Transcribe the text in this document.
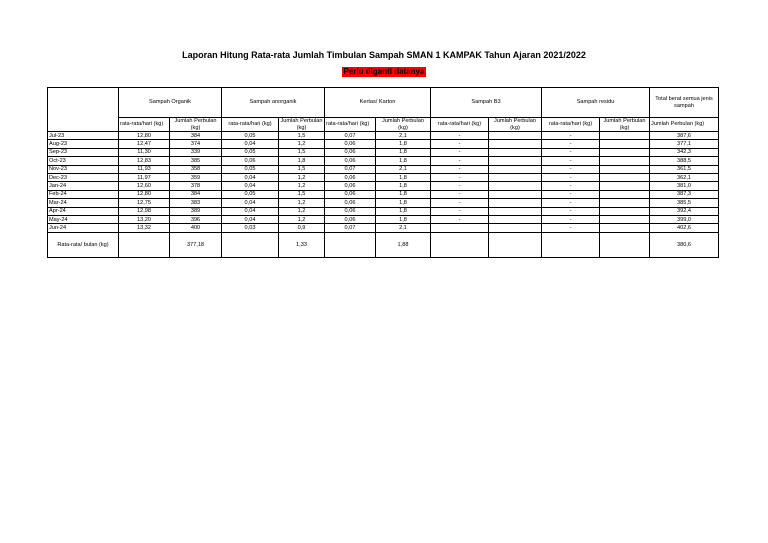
Laporan Hitung Rata-rata Jumlah Timbulan Sampah SMAN 1 KAMPAK Tahun Ajaran 2021/2022
Perlu diganti datanya
	Sampah Organik		Sampah anorganik		Kertas/ Karton		Sampah B3		Sampah residu		Total berat semua jenis sampah
	rata-rata/hari (kg)	Jumlah Perbulan (kg)	rata-rata/hari (kg)	Jumlah Perbulan (kg)	rata-rata/hari (kg)	Jumlah Perbulan (kg)	rata-rata/hari (kg)	Jumlah Perbulan (kg)	rata-rata/hari (kg)	Jumlah Perbulan (kg)	Jumlah Perbulan (kg)
Jul-23	12,80	384	0,05	1,5	0,07	2,1	-		-		387,6
Aug-23	12,47	374	0,04	1,2	0,06	1,8	-		-		377,1
Sep-23	11,30	339	0,05	1,5	0,06	1,8	-		-		342,3
Oct-23	12,83	385	0,06	1,8	0,06	1,8	-		-		388,5
Nov-23	11,93	358	0,05	1,5	0,07	2,1	-		-		361,5
Dec-23	11,97	359	0,04	1,2	0,06	1,8	-		-		362,1
Jan-24	12,60	378	0,04	1,2	0,06	1,8	-		-		381,0
Feb-24	12,80	384	0,05	1,5	0,06	1,8	-		-		387,3
Mar-24	12,75	383	0,04	1,2	0,06	1,8	-		-		385,5
Apr-24	12,98	389	0,04	1,2	0,06	1,8	-		-		392,4
May-24	13,20	396	0,04	1,2	0,06	1,8	-		-		399,0
Jun-24	13,32	400	0,03	0,9	0,07	2,1			-		402,6
Rata-rata/ bulan (kg)		377,18		1,33		1,88					380,6
